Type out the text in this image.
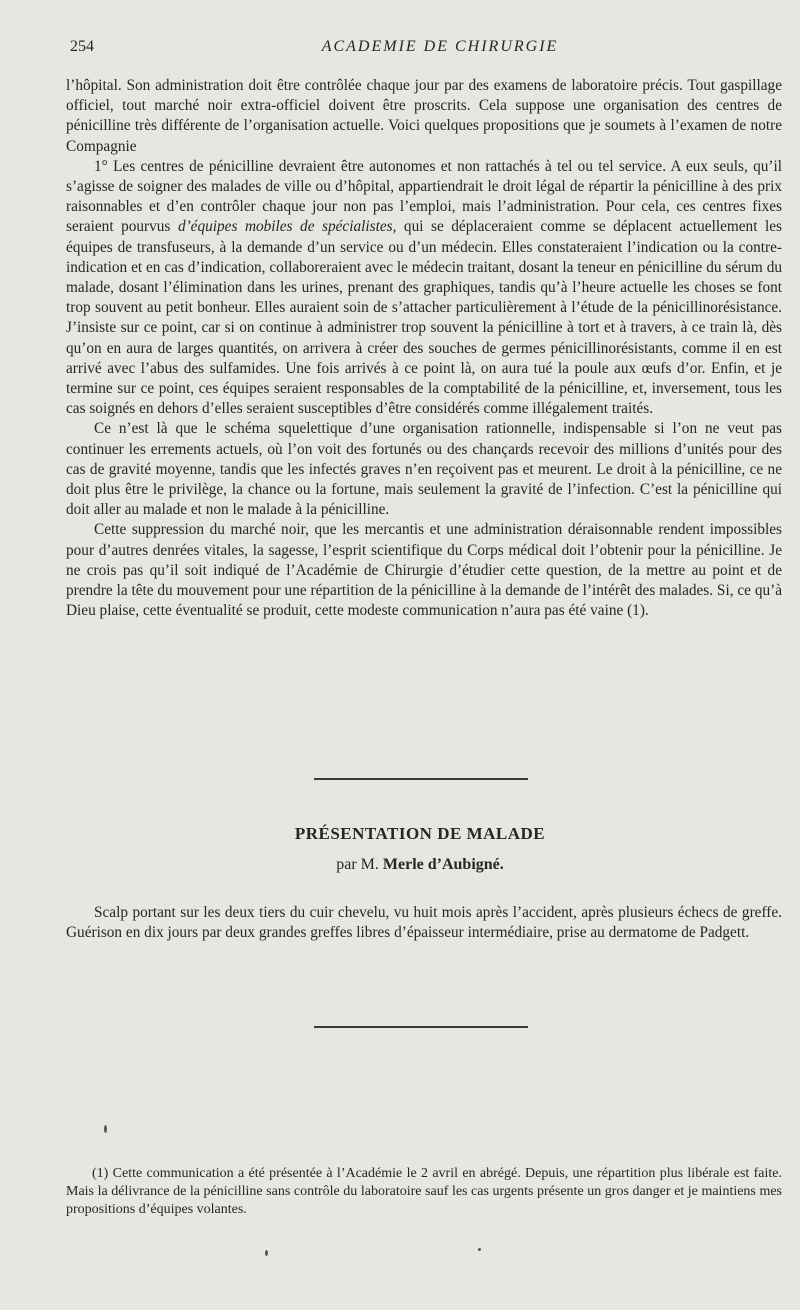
254	ACADEMIE DE CHIRURGIE

l’hôpital. Son administration doit être contrôlée chaque jour par des examens de laboratoire précis. Tout gaspillage officiel, tout marché noir extra-officiel doivent être proscrits. Cela suppose une organisation des centres de pénicilline très différente de l’organisation actuelle. Voici quelques propositions que je soumets à l’examen de notre Compagnie

1° Les centres de pénicilline devraient être autonomes et non rattachés à tel ou tel service. A eux seuls, qu’il s’agisse de soigner des malades de ville ou d’hôpital, appartiendrait le droit légal de répartir la pénicilline à des prix raisonnables et d’en contrôler chaque jour non pas l’emploi, mais l’administration. Pour cela, ces centres fixes seraient pourvus d’équipes mobiles de spécialistes, qui se déplaceraient comme se déplacent actuellement les équipes de transfuseurs, à la demande d’un service ou d’un médecin. Elles constateraient l’indication ou la contre-indication et en cas d’indication, collaboreraient avec le médecin traitant, dosant la teneur en pénicilline du sérum du malade, dosant l’élimination dans les urines, prenant des graphiques, tandis qu’à l’heure actuelle les choses se font trop souvent au petit bonheur. Elles auraient soin de s’attacher particulièrement à l’étude de la pénicillinorésistance. J’insiste sur ce point, car si on continue à administrer trop souvent la pénicilline à tort et à travers, à ce train là, dès qu’on en aura de larges quantités, on arrivera à créer des souches de germes pénicillinorésistants, comme il en est arrivé avec l’abus des sulfamides. Une fois arrivés à ce point là, on aura tué la poule aux œufs d’or. Enfin, et je termine sur ce point, ces équipes seraient responsables de la comptabilité de la pénicilline, et, inversement, tous les cas soignés en dehors d’elles seraient susceptibles d’être considérés comme illégalement traités.

Ce n’est là que le schéma squelettique d’une organisation rationnelle, indispensable si l’on ne veut pas continuer les errements actuels, où l’on voit des fortunés ou des chançards recevoir des millions d’unités pour des cas de gravité moyenne, tandis que les infectés graves n’en reçoivent pas et meurent. Le droit à la pénicilline, ce ne doit plus être le privilège, la chance ou la fortune, mais seulement la gravité de l’infection. C’est la pénicilline qui doit aller au malade et non le malade à la pénicilline.

Cette suppression du marché noir, que les mercantis et une administration déraisonnable rendent impossibles pour d’autres denrées vitales, la sagesse, l’esprit scientifique du Corps médical doit l’obtenir pour la pénicilline. Je ne crois pas qu’il soit indiqué de l’Académie de Chirurgie d’étudier cette question, de la mettre au point et de prendre la tête du mouvement pour une répartition de la pénicilline à la demande de l’intérêt des malades. Si, ce qu’à Dieu plaise, cette éventualité se produit, cette modeste communication n’aura pas été vaine (1).

PRÉSENTATION DE MALADE
par M. Merle d’Aubigné.

Scalp portant sur les deux tiers du cuir chevelu, vu huit mois après l’accident, après plusieurs échecs de greffe. Guérison en dix jours par deux grandes greffes libres d’épaisseur intermédiaire, prise au dermatome de Padgett.

(1) Cette communication a été présentée à l’Académie le 2 avril en abrégé. Depuis, une répartition plus libérale est faite. Mais la délivrance de la pénicilline sans contrôle du laboratoire sauf les cas urgents présente un gros danger et je maintiens mes propositions d’équipes volantes.
